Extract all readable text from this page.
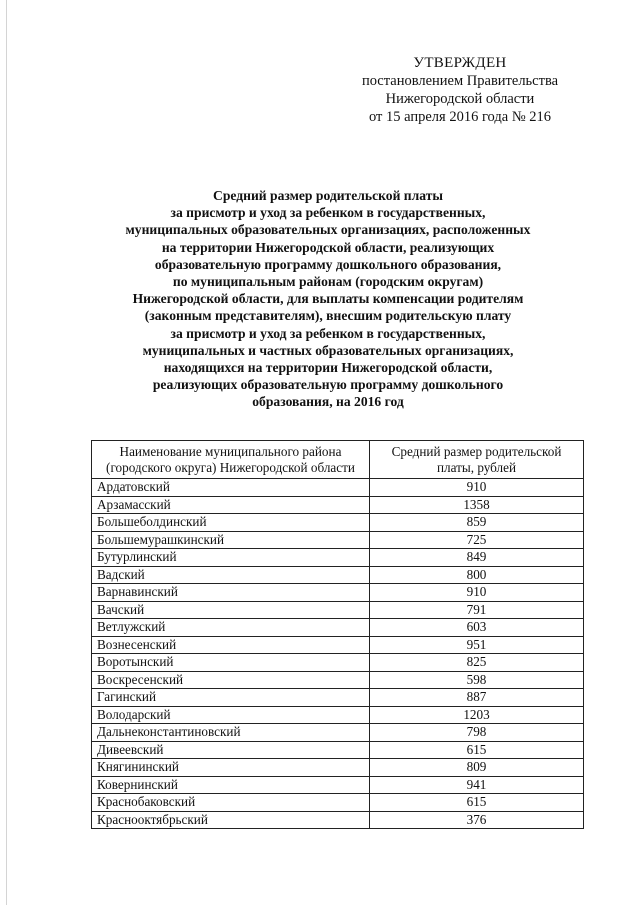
УТВЕРЖДЕН
постановлением Правительства
Нижегородской области
от 15 апреля 2016 года № 216
Средний размер родительской платы
за присмотр и уход за ребенком в государственных,
муниципальных образовательных организациях, расположенных
на территории Нижегородской области, реализующих
образовательную программу дошкольного образования,
по муниципальным районам (городским округам)
Нижегородской области, для выплаты компенсации родителям
(законным представителям), внесшим родительскую плату
за присмотр и уход за ребенком в государственных,
муниципальных и частных образовательных организациях,
находящихся на территории Нижегородской области,
реализующих образовательную программу дошкольного
образования, на 2016 год
Наименование муниципального района (городского округа) Нижегородской области	Средний размер родительской платы, рублей
Ардатовский	910
Арзамасский	1358
Большеболдинский	859
Большемурашкинский	725
Бутурлинский	849
Вадский	800
Варнавинский	910
Вачский	791
Ветлужский	603
Вознесенский	951
Воротынский	825
Воскресенский	598
Гагинский	887
Володарский	1203
Дальнеконстантиновский	798
Дивеевский	615
Княгининский	809
Ковернинский	941
Краснобаковский	615
Краснооктябрьский	376
